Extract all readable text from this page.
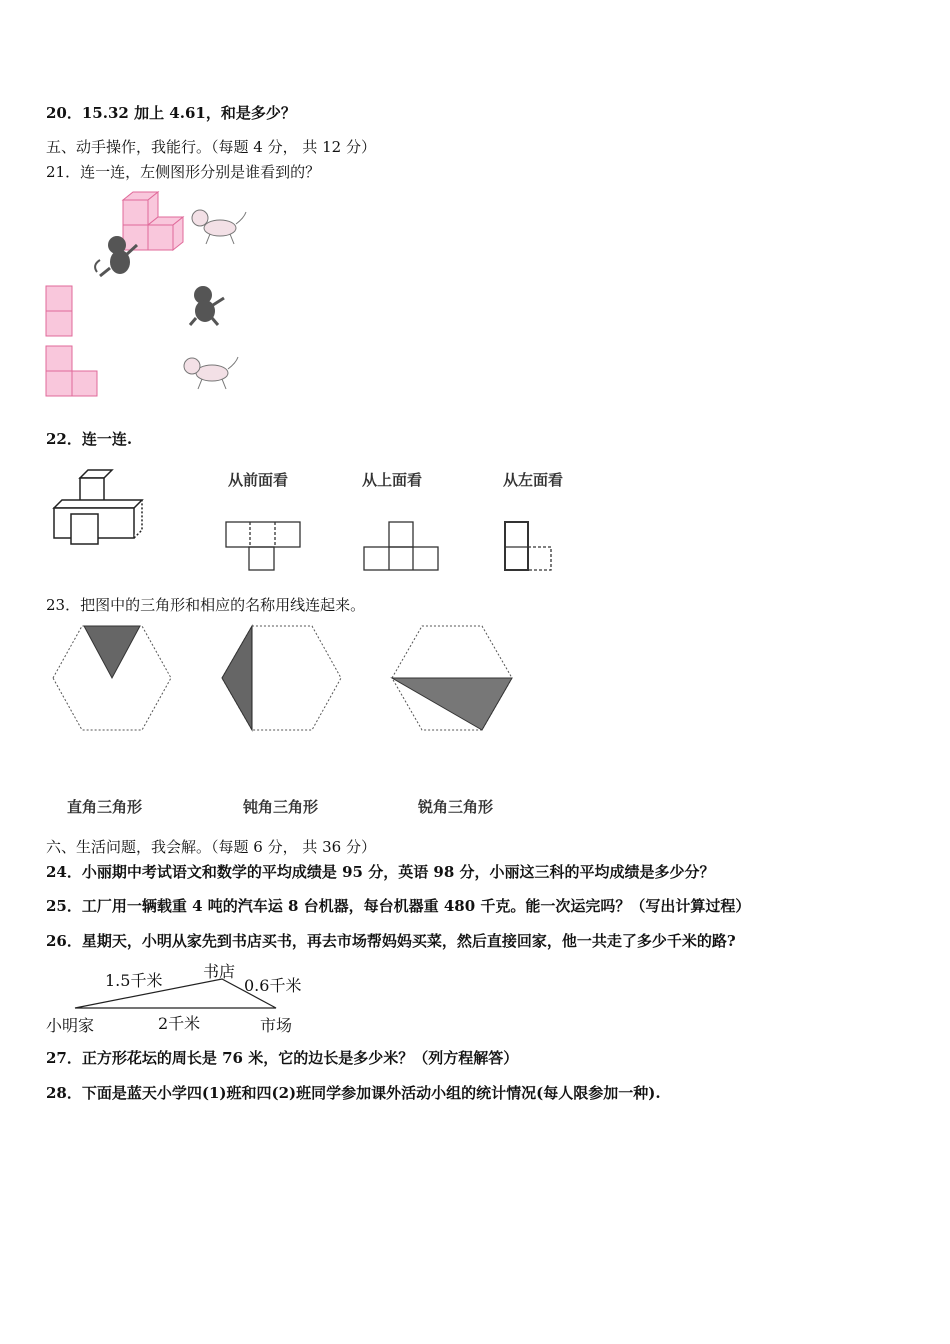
20．15.32 加上 4.61，和是多少？
五、动手操作，我能行。（每题 4 分， 共 12 分）
21．连一连，左侧图形分别是谁看到的？
22．连一连.
从前面看	从上面看	从左面看
23．把图中的三角形和相应的名称用线连起来。
直角三角形	钝角三角形	锐角三角形
六、生活问题，我会解。（每题 6 分， 共 36 分）
24．小丽期中考试语文和数学的平均成绩是 95 分，英语 98 分，小丽这三科的平均成绩是多少分？
25．工厂用一辆载重 4 吨的汽车运 8 台机器，每台机器重 480 千克。能一次运完吗？（写出计算过程）
26．星期天，小明从家先到书店买书，再去市场帮妈妈买菜，然后直接回家，他一共走了多少千米的路?
1.5千米	书店
0.6千米
小明家	2千米	市场
27．正方形花坛的周长是 76 米，它的边长是多少米？（列方程解答）
28．下面是蓝天小学四(1)班和四(2)班同学参加课外活动小组的统计情况(每人限参加一种).
